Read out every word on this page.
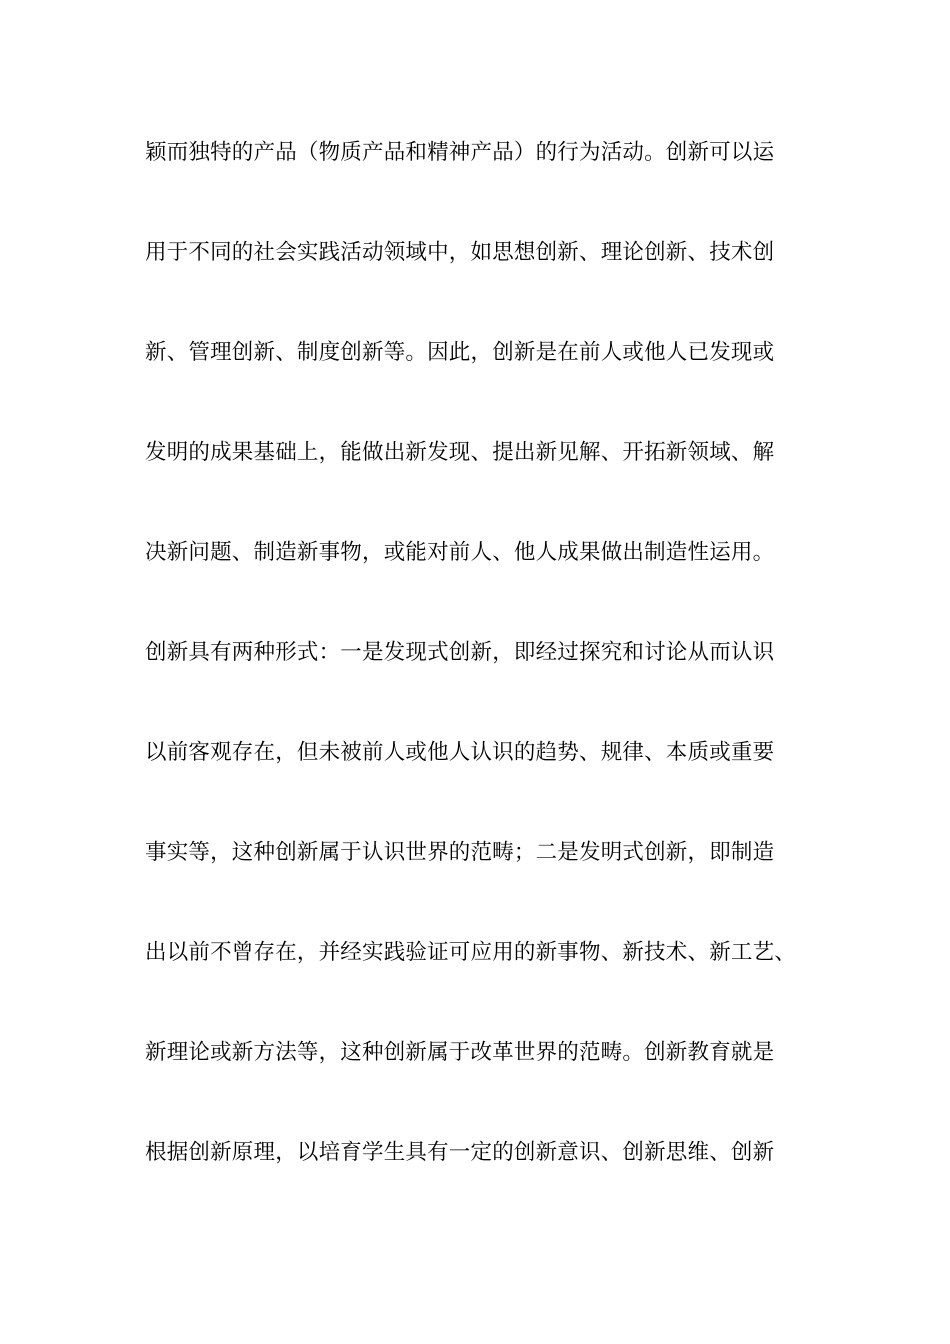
颖而独特的产品（物质产品和精神产品）的行为活动。创新可以运
用于不同的社会实践活动领域中，如思想创新、理论创新、技术创
新、管理创新、制度创新等。因此，创新是在前人或他人已发现或
发明的成果基础上，能做出新发现、提出新见解、开拓新领域、解
决新问题、制造新事物，或能对前人、他人成果做出制造性运用。
创新具有两种形式：一是发现式创新，即经过探究和讨论从而认识
以前客观存在，但未被前人或他人认识的趋势、规律、本质或重要
事实等，这种创新属于认识世界的范畴；二是发明式创新，即制造
出以前不曾存在，并经实践验证可应用的新事物、新技术、新工艺、
新理论或新方法等，这种创新属于改革世界的范畴。创新教育就是
根据创新原理，以培育学生具有一定的创新意识、创新思维、创新
